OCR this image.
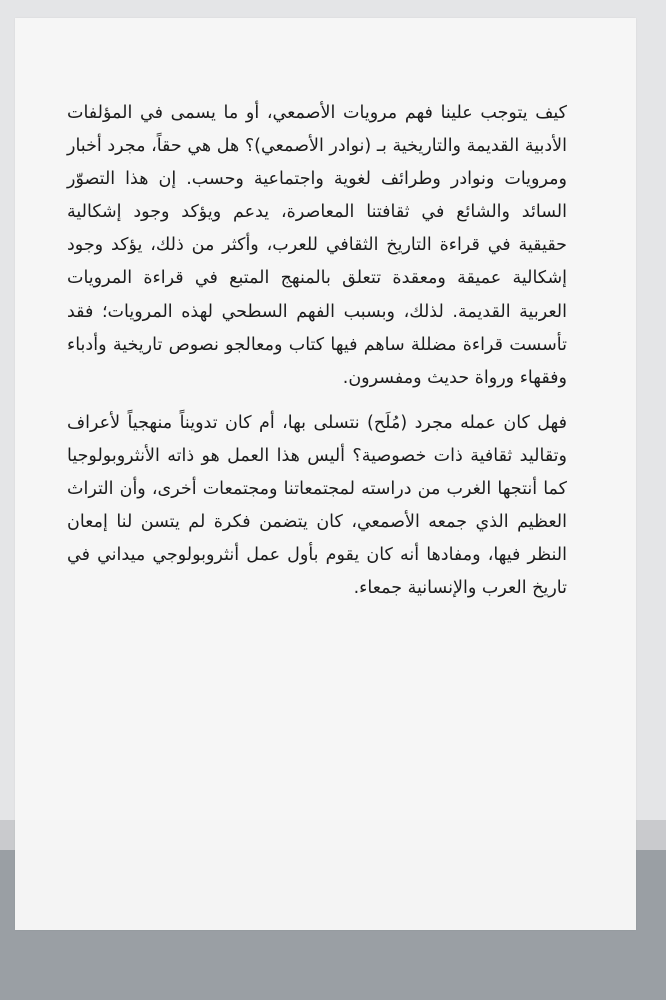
كيف يتوجب علينا فهم مرويات الأصمعي، أو ما يسمى في المؤلفات الأدبية القديمة والتاريخية بـ (نوادر الأصمعي)؟ هل هي حقاً، مجرد أخبار ومرويات ونوادر وطرائف لغوية واجتماعية وحسب. إن هذا التصوّر السائد والشائع في ثقافتنا المعاصرة، يدعم ويؤكد وجود إشكالية حقيقية في قراءة التاريخ الثقافي للعرب، وأكثر من ذلك، يؤكد وجود إشكالية عميقة ومعقدة تتعلق بالمنهج المتبع في قراءة المرويات العربية القديمة. لذلك، وبسبب الفهم السطحي لهذه المرويات؛ فقد تأسست قراءة مضللة ساهم فيها كتاب ومعالجو نصوص تاريخية وأدباء وفقهاء ورواة حديث ومفسرون.

فهل كان عمله مجرد (مُلَح) نتسلى بها، أم كان تدويناً منهجياً لأعراف وتقاليد ثقافية ذات خصوصية؟ أليس هذا العمل هو ذاته الأنثروبولوجيا كما أنتجها الغرب من دراسته لمجتمعاتنا ومجتمعات أخرى، وأن التراث العظيم الذي جمعه الأصمعي، كان يتضمن فكرة لم يتسن لنا إمعان النظر فيها، ومفادها أنه كان يقوم بأول عمل أنثروبولوجي ميداني في تاريخ العرب والإنسانية جمعاء.
